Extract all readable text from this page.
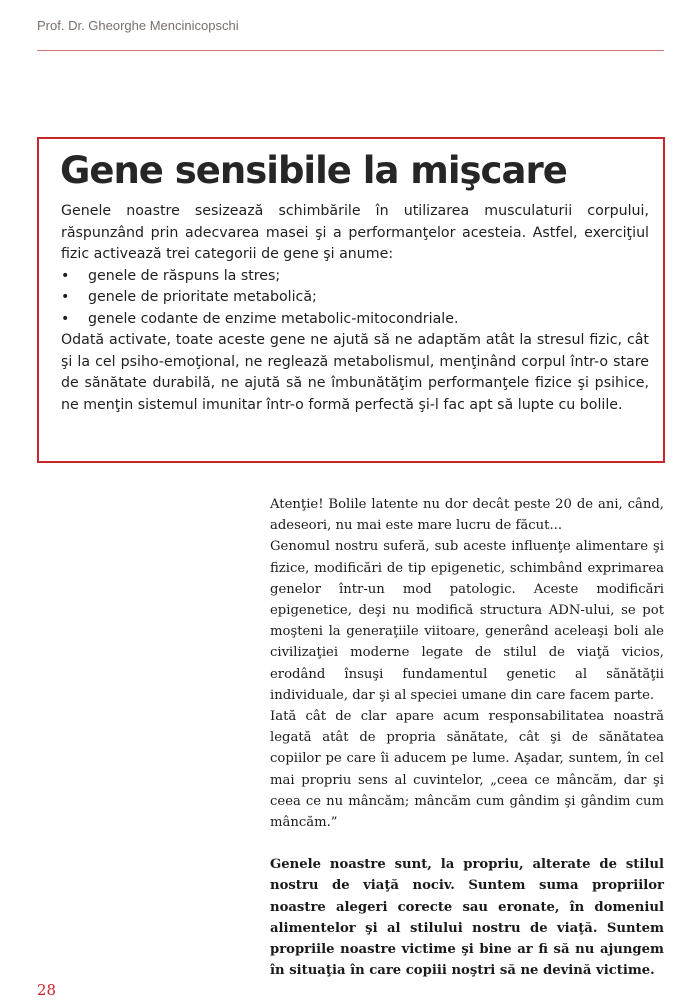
Prof. Dr. Gheorghe Mencinicopschi
Gene sensibile la mişcare

Genele noastre sesizează schimbările în utilizarea musculaturii corpului, răspunzând prin adecvarea masei şi a performanţelor acesteia. Astfel, exerciţiul fizic activează trei categorii de gene şi anume:

• genele de răspuns la stres;
• genele de prioritate metabolică;
• genele codante de enzime metabolic-mitocondriale.

Odată activate, toate aceste gene ne ajută să ne adaptăm atât la stresul fizic, cât şi la cel psiho-emoţional, ne reglează metabolismul, menţinând corpul într-o stare de sănătate durabilă, ne ajută să ne îmbunătăţim performanţele fizice şi psihice, ne menţin sistemul imunitar într-o formă perfectă şi-l fac apt să lupte cu bolile.

Atenţie! Bolile latente nu dor decât peste 20 de ani, când, adeseori, nu mai este mare lucru de făcut...

Genomul nostru suferă, sub aceste influenţe alimentare şi fizice, modificări de tip epigenetic, schimbând exprimarea genelor într-un mod patologic. Aceste modificări epigenetice, deşi nu modifică structura ADN-ului, se pot moşteni la generaţiile viitoare, generând aceleaşi boli ale civilizaţiei moderne legate de stilul de viaţă vicios, erodând însuşi fundamentul genetic al sănătăţii individuale, dar şi al speciei umane din care facem parte.

Iată cât de clar apare acum responsabilitatea noastră legată atât de propria sănătate, cât şi de sănătatea copiilor pe care îi aducem pe lume. Aşadar, suntem, în cel mai propriu sens al cuvintelor, „ceea ce mâncăm, dar şi ceea ce nu mâncăm; mâncăm cum gândim şi gândim cum mâncăm.”

Genele noastre sunt, la propriu, alterate de stilul nostru de viaţă nociv. Suntem suma propriilor noastre alegeri corecte sau eronate, în domeniul alimentelor şi al stilului nostru de viaţă. Suntem propriile noastre victime şi bine ar fi să nu ajungem în situaţia în care copiii noştri să ne devină victime.

28
